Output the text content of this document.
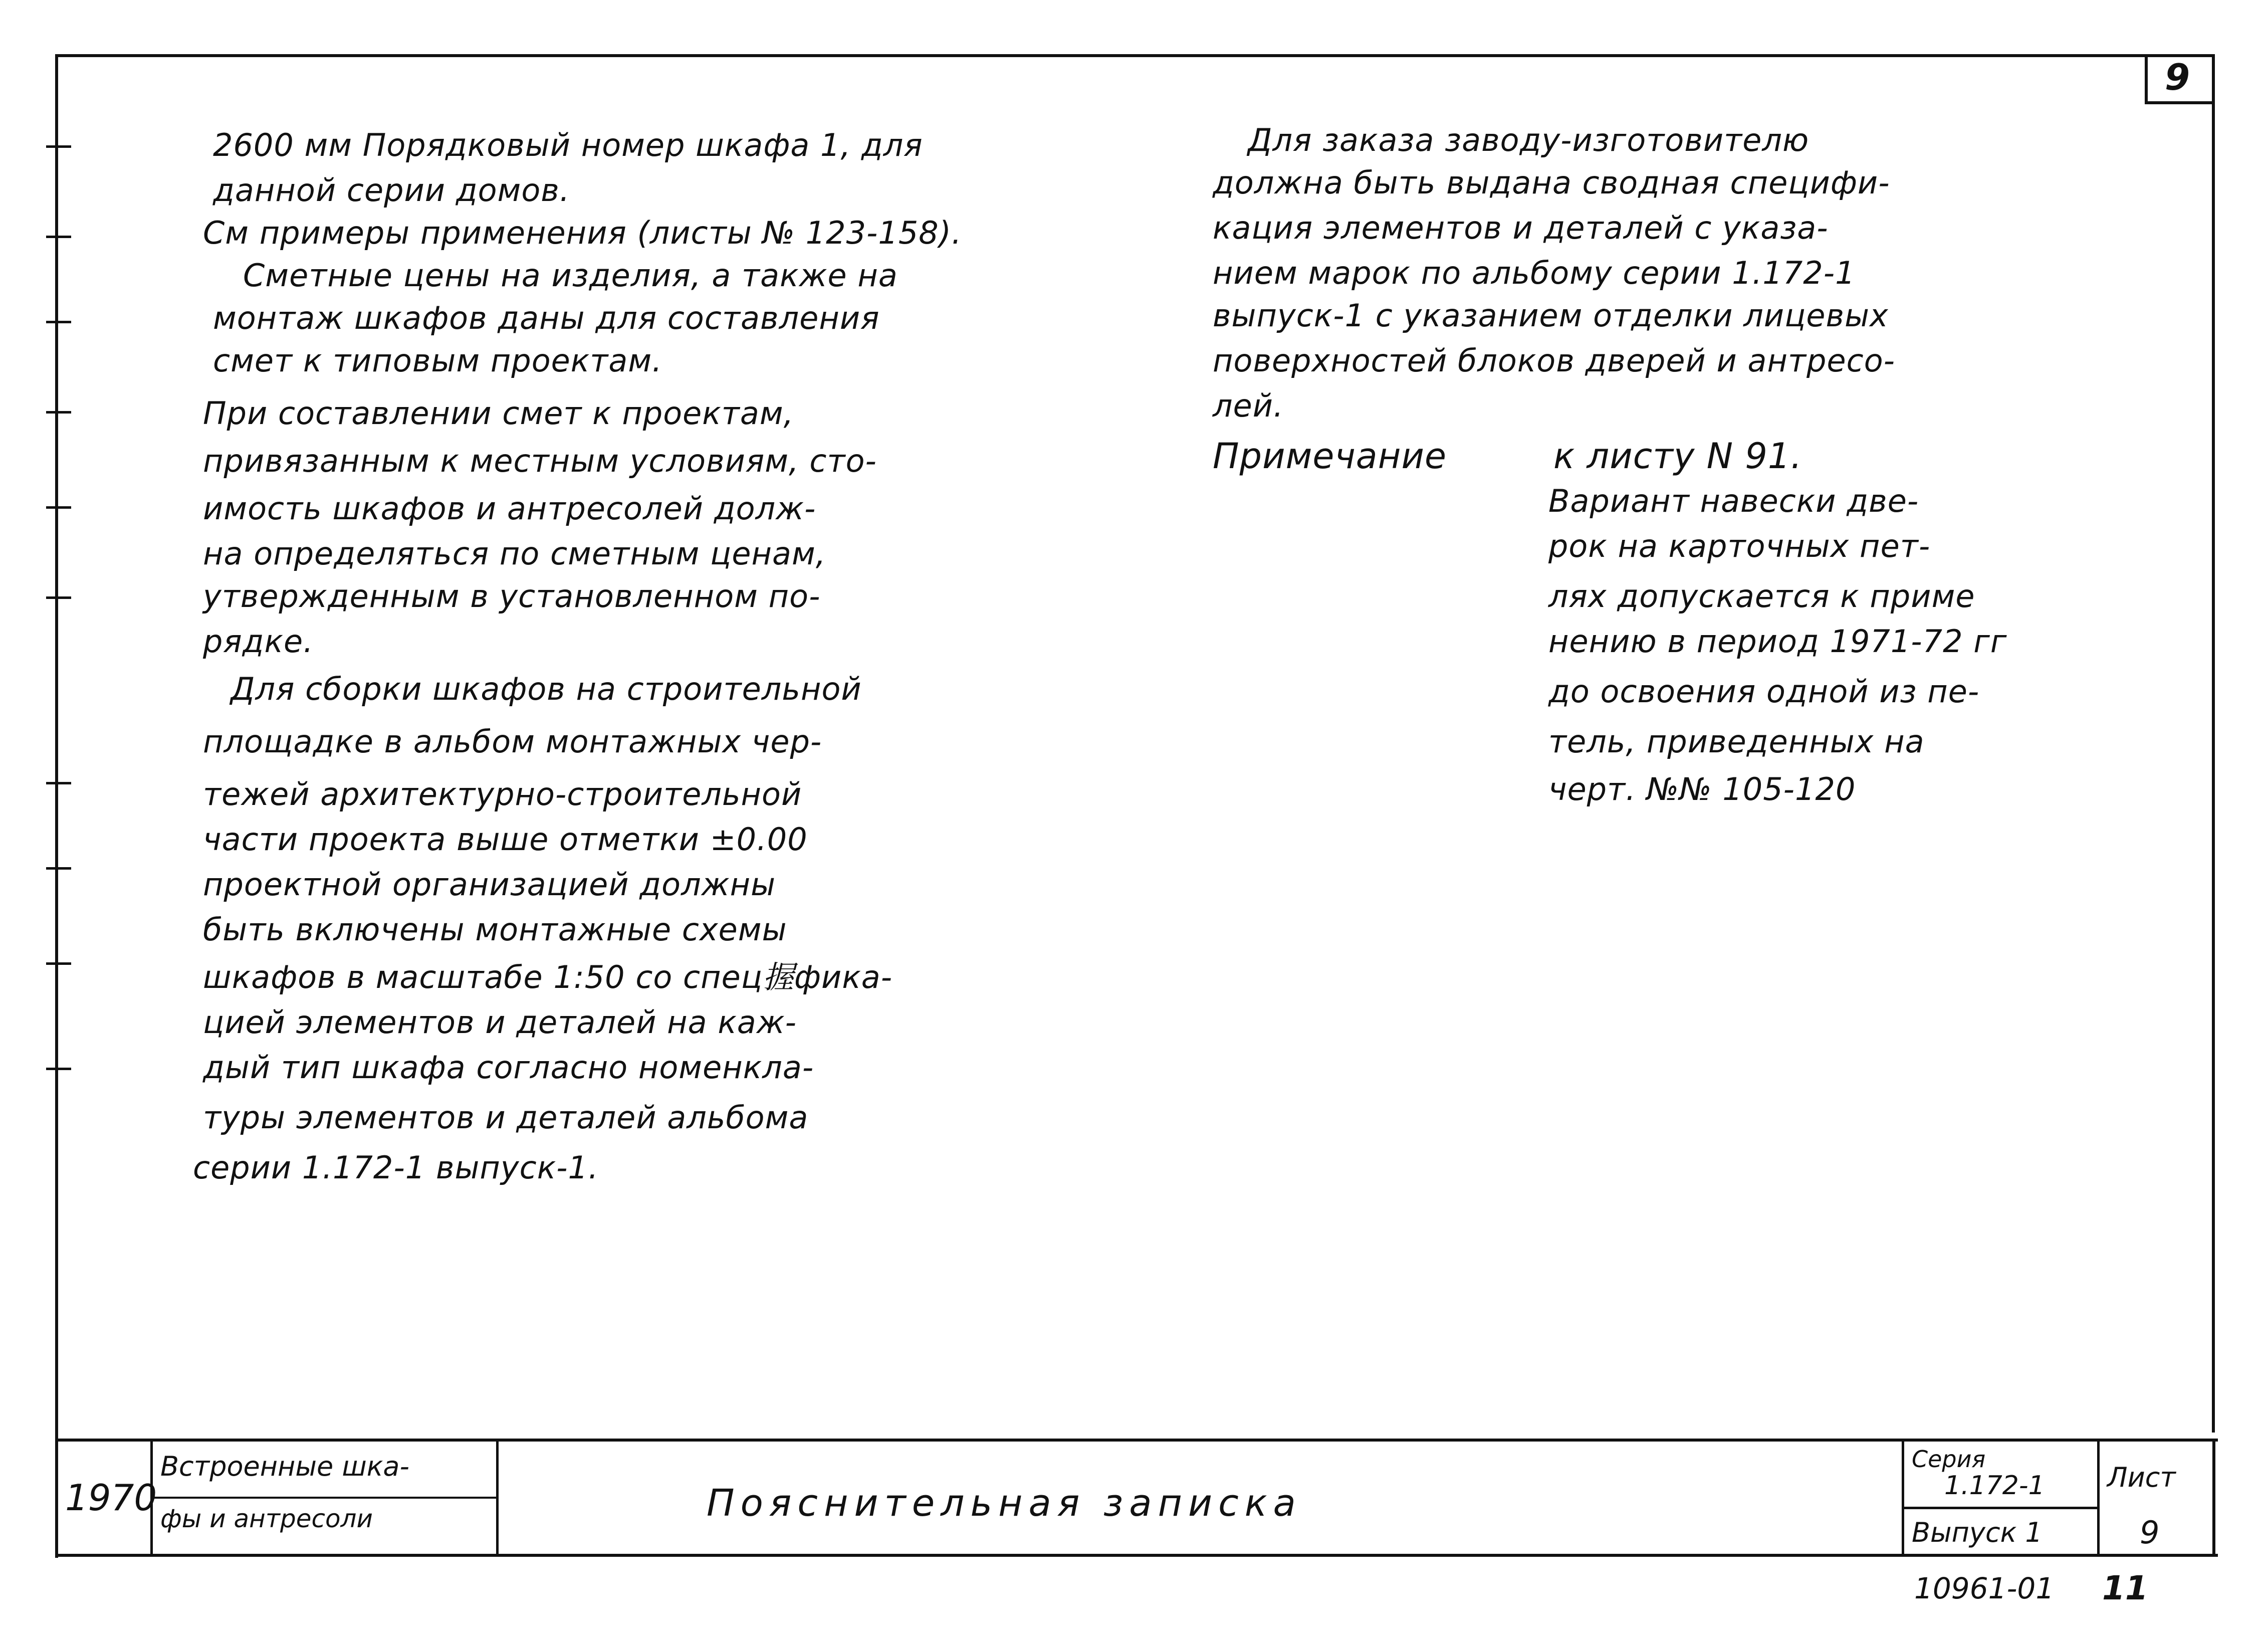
9
2600 мм Порядковый номер шкафа 1, для
данной серии домов.
См примеры применения (листы № 123-158).
Сметные цены на изделия, а также на
монтаж шкафов даны для составления
смет к типовым проектам.
При составлении смет к проектам,
привязанным к местным условиям, сто-
имость шкафов и антресолей долж-
на определяться по сметным ценам,
утвержденным в установленном по-
рядке.
Для сборки шкафов на строительной
площадке в альбом монтажных чер-
тежей архитектурно-строительной
части проекта выше отметки ±0.00
проектной организацией должны
быть включены монтажные схемы
шкафов в масштабе 1:50 со спец握фика-
цией элементов и деталей на каж-
дый тип шкафа согласно номенкла-
туры элементов и деталей альбома
серии 1.172-1 выпуск-1.
Для заказа заводу-изготовителю
должна быть выдана сводная специфи-
кация элементов и деталей с указа-
нием марок по альбому серии 1.172-1
выпуск-1 с указанием отделки лицевых
поверхностей блоков дверей и антресо-
лей.
Примечание	к листу N 91.
Вариант навески две-
рок на карточных пет-
лях допускается к приме
нению в период 1971-72 гг
до освоения одной из пе-
тель, приведенных на
черт. №№ 105-120
1970
Встроенные шка-
фы и антресоли	Пояснительная записка
Серия
1.172-1
Выпуск 1
Лист
9
10961-01 11
